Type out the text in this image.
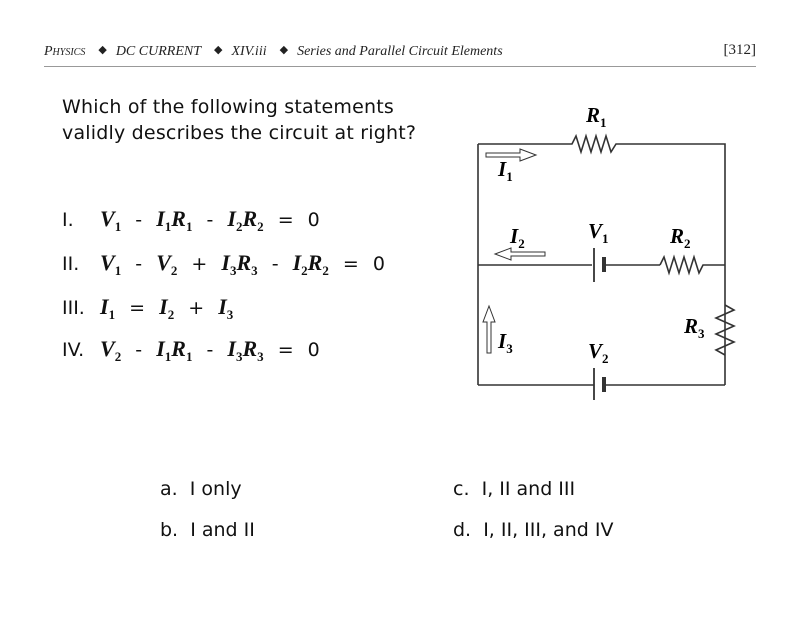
Physics ◆ DC CURRENT ◆ XIV.iii ◆ Series and Parallel Circuit Elements	[312]
Which of the following statements validly describes the circuit at right?
I. $V_1 - I_1R_1 - I_2R_2 = 0$
II. $V_1 - V_2 + I_3R_3 - I_2R_2 = 0$
III. $I_1 = I_2 + I_3$
IV. $V_2 - I_1R_1 - I_3R_3 = 0$
$R_1$
$I_1$
$I_2$
$V_1$	$R_2$
$R_3$
$I_3$	$V_2$
a. I only
b. I and II
c. I, II and III
d. I, II, III, and IV
